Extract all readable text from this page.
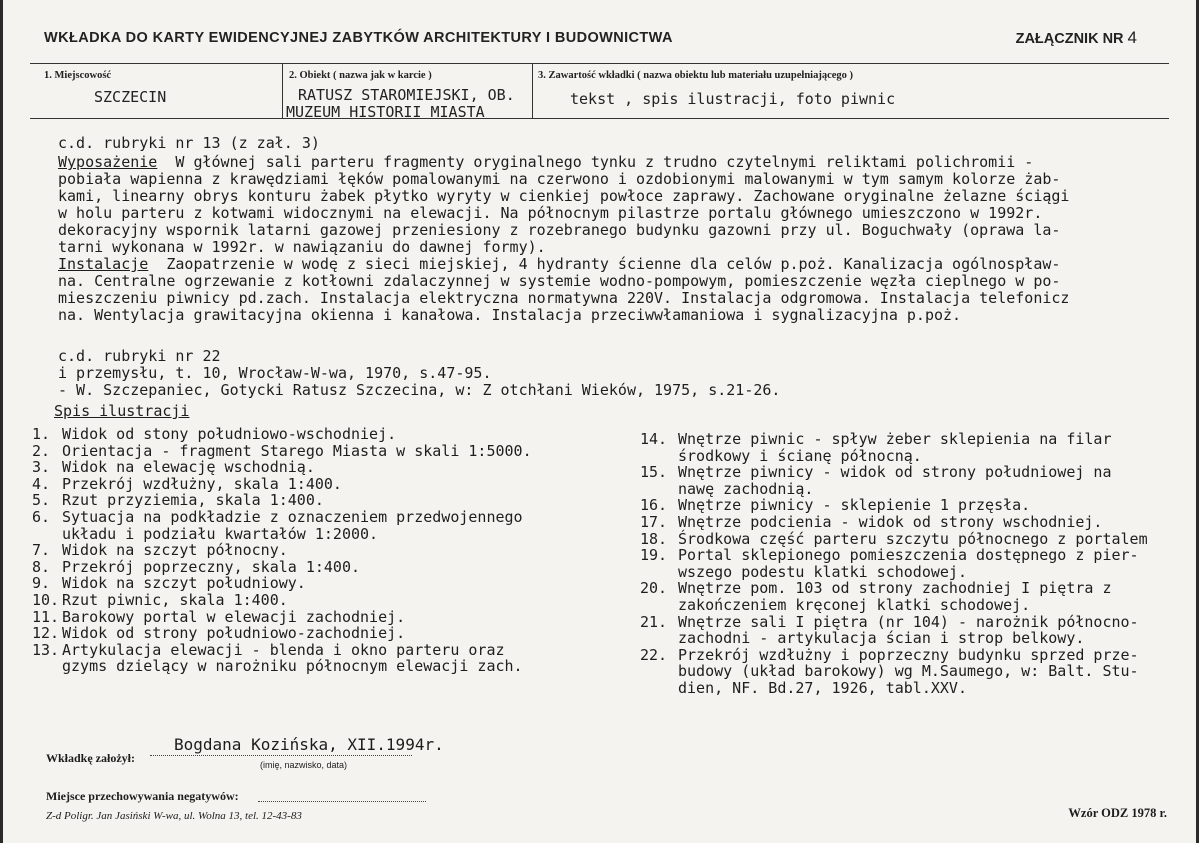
WKŁADKA DO KARTY EWIDENCYJNEJ ZABYTKÓW ARCHITEKTURY I BUDOWNICTWA	ZAŁĄCZNIK NR 4
1. Miejscowość
SZCZECIN
2. Obiekt ( nazwa jak w karcie )
RATUSZ STAROMIEJSKI, OB.
MUZEUM HISTORII MIASTA
3. Zawartość wkładki ( nazwa obiektu lub materiału uzupełniającego )
tekst , spis ilustracji, foto piwnic
c.d. rubryki nr 13 (z zał. 3)
Wyposażenie  W głównej sali parteru fragmenty oryginalnego tynku z trudno czytelnymi reliktami polichromii -
pobiała wapienna z krawędziami łęków pomalowanymi na czerwono i ozdobionymi malowanymi w tym samym kolorze żab-
kami, linearny obrys konturu żabek płytko wyryty w cienkiej powłoce zaprawy. Zachowane oryginalne żelazne ściągi
w holu parteru z kotwami widocznymi na elewacji. Na północnym pilastrze portalu głównego umieszczono w 1992r.
dekoracyjny wspornik latarni gazowej przeniesiony z rozebranego budynku gazowni przy ul. Boguchwały (oprawa la-
tarni wykonana w 1992r. w nawiązaniu do dawnej formy).
Instalacje  Zaopatrzenie w wodę z sieci miejskiej, 4 hydranty ścienne dla celów p.poż. Kanalizacja ogólnospław-
na. Centralne ogrzewanie z kotłowni zdalaczynnej w systemie wodno-pompowym, pomieszczenie węzła cieplnego w po-
mieszczeniu piwnicy pd.zach. Instalacja elektryczna normatywna 220V. Instalacja odgromowa. Instalacja telefonicz
na. Wentylacja grawitacyjna okienna i kanałowa. Instalacja przeciwwłamaniowa i sygnalizacyjna p.poż.
c.d. rubryki nr 22
i przemysłu, t. 10, Wrocław-W-wa, 1970, s.47-95.
- W. Szczepaniec, Gotycki Ratusz Szczecina, w: Z otchłani Wieków, 1975, s.21-26.
Spis ilustracji
1. Widok od stony południowo-wschodniej.
2. Orientacja - fragment Starego Miasta w skali 1:5000.
3. Widok na elewację wschodnią.
4. Przekrój wzdłużny, skala 1:400.
5. Rzut przyziemia, skala 1:400.
6. Sytuacja na podkładzie z oznaczeniem przedwojennego
układu i podziału kwartałów 1:2000.
7. Widok na szczyt północny.
8. Przekrój poprzeczny, skala 1:400.
9. Widok na szczyt południowy.
10. Rzut piwnic, skala 1:400.
11. Barokowy portal w elewacji zachodniej.
12. Widok od strony południowo-zachodniej.
13. Artykulacja elewacji - blenda i okno parteru oraz
gzyms dzielący w narożniku północnym elewacji zach.
14. Wnętrze piwnic - spływ żeber sklepienia na filar
środkowy i ścianę północną.
15. Wnętrze piwnicy - widok od strony południowej na
nawę zachodnią.
16. Wnętrze piwnicy - sklepienie 1 przęsła.
17. Wnętrze podcienia - widok od strony wschodniej.
18. Środkowa część parteru szczytu północnego z portalem
19. Portal sklepionego pomieszczenia dostępnego z pier-
wszego podestu klatki schodowej.
20. Wnętrze pom. 103 od strony zachodniej I piętra z
zakończeniem kręconej klatki schodowej.
21. Wnętrze sali I piętra (nr 104) - narożnik północno-
zachodni - artykulacja ścian i strop belkowy.
22. Przekrój wzdłużny i poprzeczny budynku sprzed prze-
budowy (układ barokowy) wg M.Saumego, w: Balt. Stu-
dien, NF. Bd.27, 1926, tabl.XXV.
Wkładkę założył:
Bogdana Kozińska, XII.1994r.
(imię, nazwisko, data)
Miejsce przechowywania negatywów:
Z-d Poligr. Jan Jasiński W-wa, ul. Wolna 13, tel. 12-43-83	Wzór ODZ 1978 r.
